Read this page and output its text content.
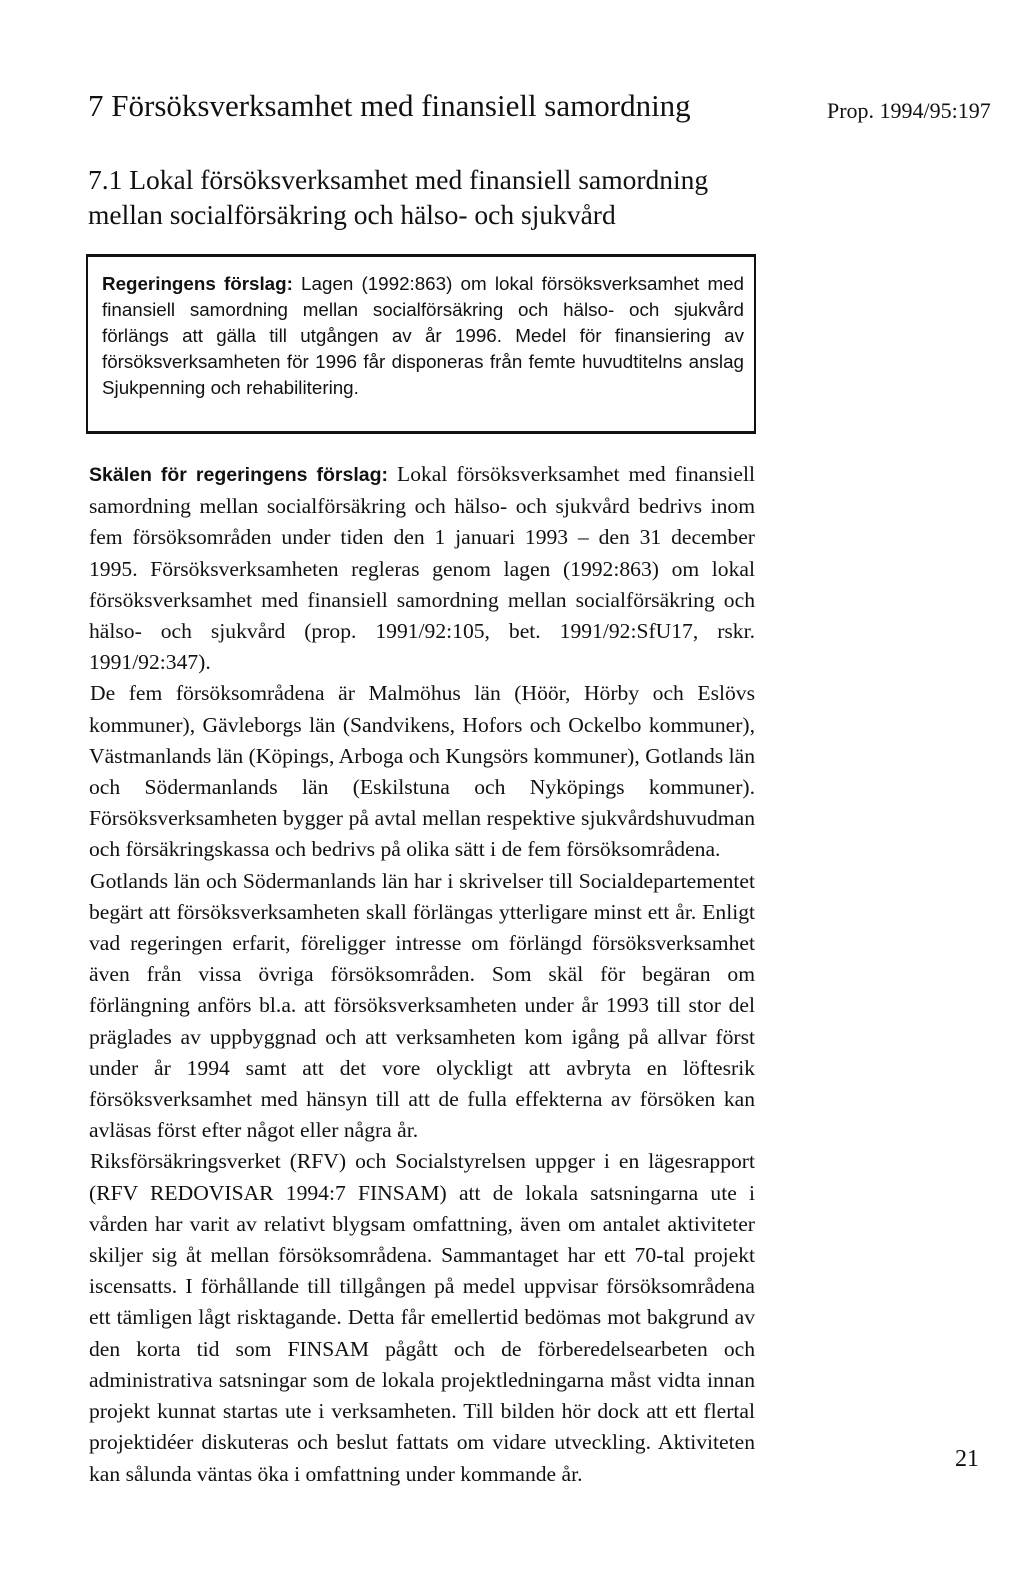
7 Försöksverksamhet med finansiell samordning	Prop. 1994/95:197
7.1 Lokal försöksverksamhet med finansiell samordning mellan socialförsäkring och hälso- och sjukvård

Regeringens förslag: Lagen (1992:863) om lokal försöksverksamhet med finansiell samordning mellan socialförsäkring och hälso- och sjukvård förlängs att gälla till utgången av år 1996. Medel för finansiering av försöksverksamheten för 1996 får disponeras från femte huvudtitelns anslag Sjukpenning och rehabilitering.

Skälen för regeringens förslag: Lokal försöksverksamhet med finansiell samordning mellan socialförsäkring och hälso- och sjukvård bedrivs inom fem försöksområden under tiden den 1 januari 1993 – den 31 december 1995. Försöksverksamheten regleras genom lagen (1992:863) om lokal försöksverksamhet med finansiell samordning mellan socialförsäkring och hälso- och sjukvård (prop. 1991/92:105, bet. 1991/92:SfU17, rskr. 1991/92:347).

De fem försöksområdena är Malmöhus län (Höör, Hörby och Eslövs kommuner), Gävleborgs län (Sandvikens, Hofors och Ockelbo kommuner), Västmanlands län (Köpings, Arboga och Kungsörs kommuner), Gotlands län och Södermanlands län (Eskilstuna och Nyköpings kommuner). Försöksverksamheten bygger på avtal mellan respektive sjukvårdshuvudman och försäkringskassa och bedrivs på olika sätt i de fem försöksområdena.

Gotlands län och Södermanlands län har i skrivelser till Socialdepartementet begärt att försöksverksamheten skall förlängas ytterligare minst ett år. Enligt vad regeringen erfarit, föreligger intresse om förlängd försöksverksamhet även från vissa övriga försöksområden. Som skäl för begäran om förlängning anförs bl.a. att försöksverksamheten under år 1993 till stor del präglades av uppbyggnad och att verksamheten kom igång på allvar först under år 1994 samt att det vore olyckligt att avbryta en löftesrik försöksverksamhet med hänsyn till att de fulla effekterna av försöken kan avläsas först efter något eller några år.

Riksförsäkringsverket (RFV) och Socialstyrelsen uppger i en lägesrapport (RFV REDOVISAR 1994:7 FINSAM) att de lokala satsningarna ute i vården har varit av relativt blygsam omfattning, även om antalet aktiviteter skiljer sig åt mellan försöksområdena. Sammantaget har ett 70-tal projekt iscensatts. I förhållande till tillgången på medel uppvisar försöksområdena ett tämligen lågt risktagande. Detta får emellertid bedömas mot bakgrund av den korta tid som FINSAM pågått och de förberedelsearbeten och administrativa satsningar som de lokala projektledningarna måst vidta innan projekt kunnat startas ute i verksamheten. Till bilden hör dock att ett flertal projektidéer diskuteras och beslut fattats om vidare utveckling. Aktiviteten kan sålunda väntas öka i omfattning under kommande år.

21
